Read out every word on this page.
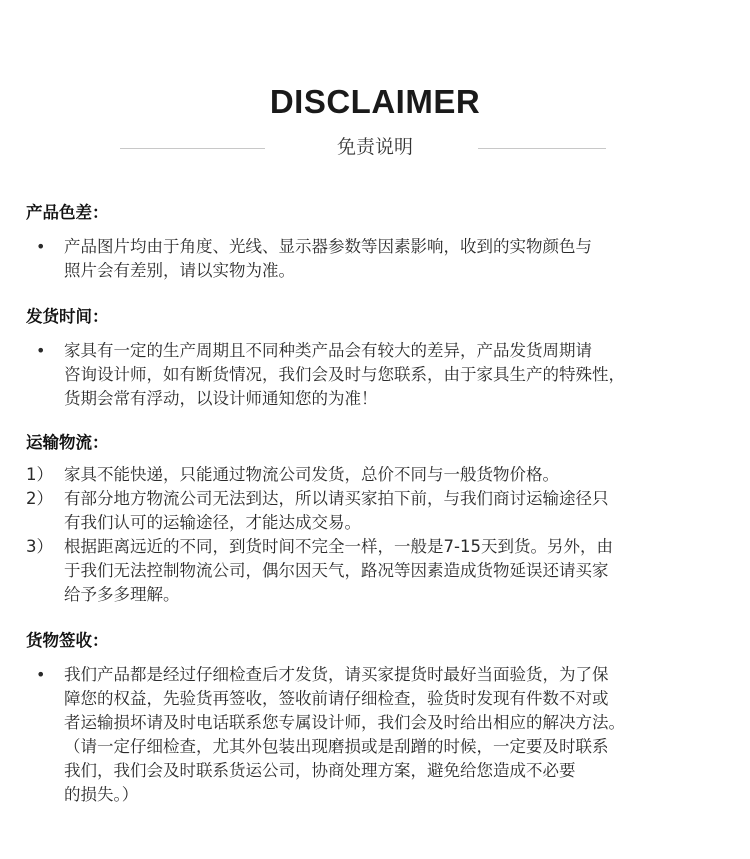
DISCLAIMER
免责说明
产品色差：
• 产品图片均由于角度、光线、显示器参数等因素影响，收到的实物颜色与
照片会有差别，请以实物为准。
发货时间：
• 家具有一定的生产周期且不同种类产品会有较大的差异，产品发货周期请
咨询设计师，如有断货情况，我们会及时与您联系，由于家具生产的特殊性，
货期会常有浮动，以设计师通知您的为准！
运输物流：
1） 家具不能快递，只能通过物流公司发货，总价不同与一般货物价格。
2） 有部分地方物流公司无法到达，所以请买家拍下前，与我们商讨运输途径只
有我们认可的运输途径，才能达成交易。
3） 根据距离远近的不同，到货时间不完全一样，一般是7-15天到货。另外，由
于我们无法控制物流公司，偶尔因天气，路况等因素造成货物延误还请买家
给予多多理解。
货物签收：
• 我们产品都是经过仔细检查后才发货，请买家提货时最好当面验货，为了保
障您的权益，先验货再签收，签收前请仔细检查，验货时发现有件数不对或
者运输损坏请及时电话联系您专属设计师，我们会及时给出相应的解决方法。
（请一定仔细检查，尤其外包装出现磨损或是刮蹭的时候，一定要及时联系
我们，我们会及时联系货运公司，协商处理方案，避免给您造成不必要
的损失。）
